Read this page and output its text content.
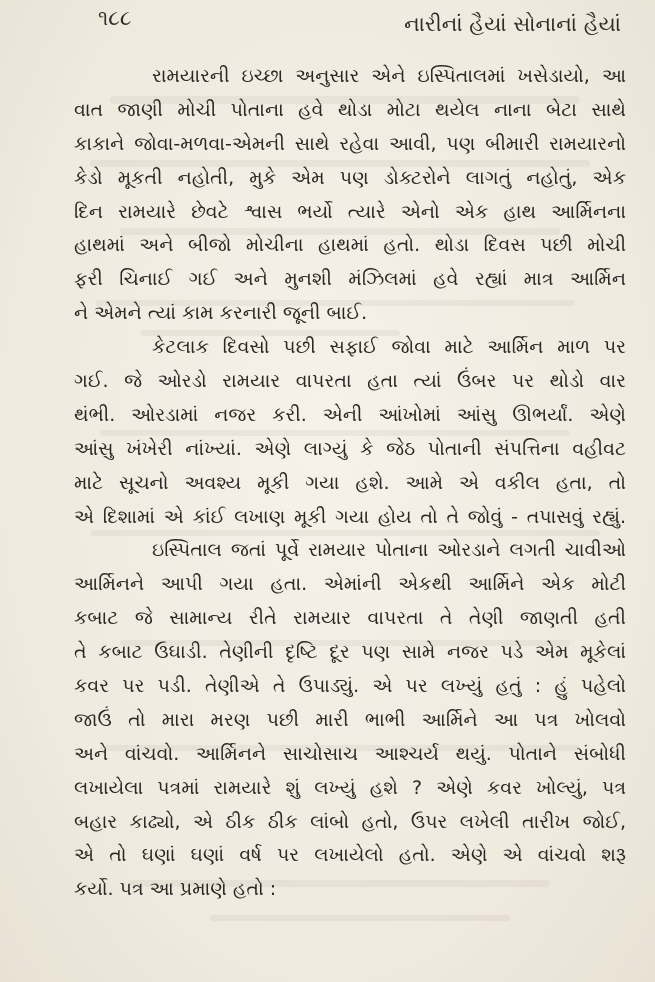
૧૮૮	નારીનાં હૈયાં સોનાનાં હૈયાં
રામયારની ઇચ્છા અનુસાર એને ઇસ્પિતાલમાં ખસેડાયો, આ
વાત જાણી મોચી પોતાના હવે થોડા મોટા થયેલ નાના બેટા સાથે
કાકાને જોવા-મળવા-એમની સાથે રહેવા આવી, પણ બીમારી રામયારનો
કેડો મૂકતી નહોતી, મુકે એમ પણ ડોક્ટરોને લાગતું નહોતું, એક
દિન રામયારે છેવટે શ્વાસ ભર્યો ત્યારે એનો એક હાથ આર્મિનના
હાથમાં અને બીજો મોચીના હાથમાં હતો. થોડા દિવસ પછી મોચી
ફરી ચિનાઈ ગઈ અને મુનશી મંઝિલમાં હવે રહ્યાં માત્ર આર્મિન
ને એમને ત્યાં કામ કરનારી જૂની બાઈ.
કેટલાક દિવસો પછી સફાઈ જોવા માટે આર્મિન માળ પર
ગઈ. જે ઓરડો રામયાર વાપરતા હતા ત્યાં ઉંબર પર થોડો વાર
થંભી. ઓરડામાં નજર કરી. એની આંખોમાં આંસુ ઊભર્યાં. એણે
આંસુ ખંખેરી નાંખ્યાં. એણે લાગ્યું કે જેઠ પોતાની સંપત્તિના વહીવટ
માટે સૂચનો અવશ્ય મૂકી ગયા હશે. આમે એ વકીલ હતા, તો
એ દિશામાં એ કાંઈ લખાણ મૂકી ગયા હોય તો તે જોવું - તપાસવું રહ્યું.
ઇસ્પિતાલ જતાં પૂર્વે રામયાર પોતાના ઓરડાને લગતી ચાવીઓ
આર્મિનને આપી ગયા હતા. એમાંની એકથી આર્મિને એક મોટી
કબાટ જે સામાન્ય રીતે રામયાર વાપરતા તે તેણી જાણતી હતી
તે કબાટ ઉઘાડી. તેણીની દૃષ્ટિ દૂર પણ સામે નજર પડે એમ મૂકેલાં
કવર પર પડી. તેણીએ તે ઉપાડ્યું. એ પર લખ્યું હતું : હું પહેલો
જાઉં તો મારા મરણ પછી મારી ભાભી આર્મિને આ પત્ર ખોલવો
અને વાંચવો. આર્મિનને સાચોસાચ આશ્ચર્ય થયું. પોતાને સંબોધી
લખાયેલા પત્રમાં રામયારે શું લખ્યું હશે ? એણે કવર ખોલ્યું, પત્ર
બહાર કાઢ્યો, એ ઠીક ઠીક લાંબો હતો, ઉપર લખેલી તારીખ જોઈ,
એ તો ઘણાં ઘણાં વર્ષ પર લખાયેલો હતો. એણે એ વાંચવો શરૂ
કર્યો. પત્ર આ પ્રમાણે હતો :
